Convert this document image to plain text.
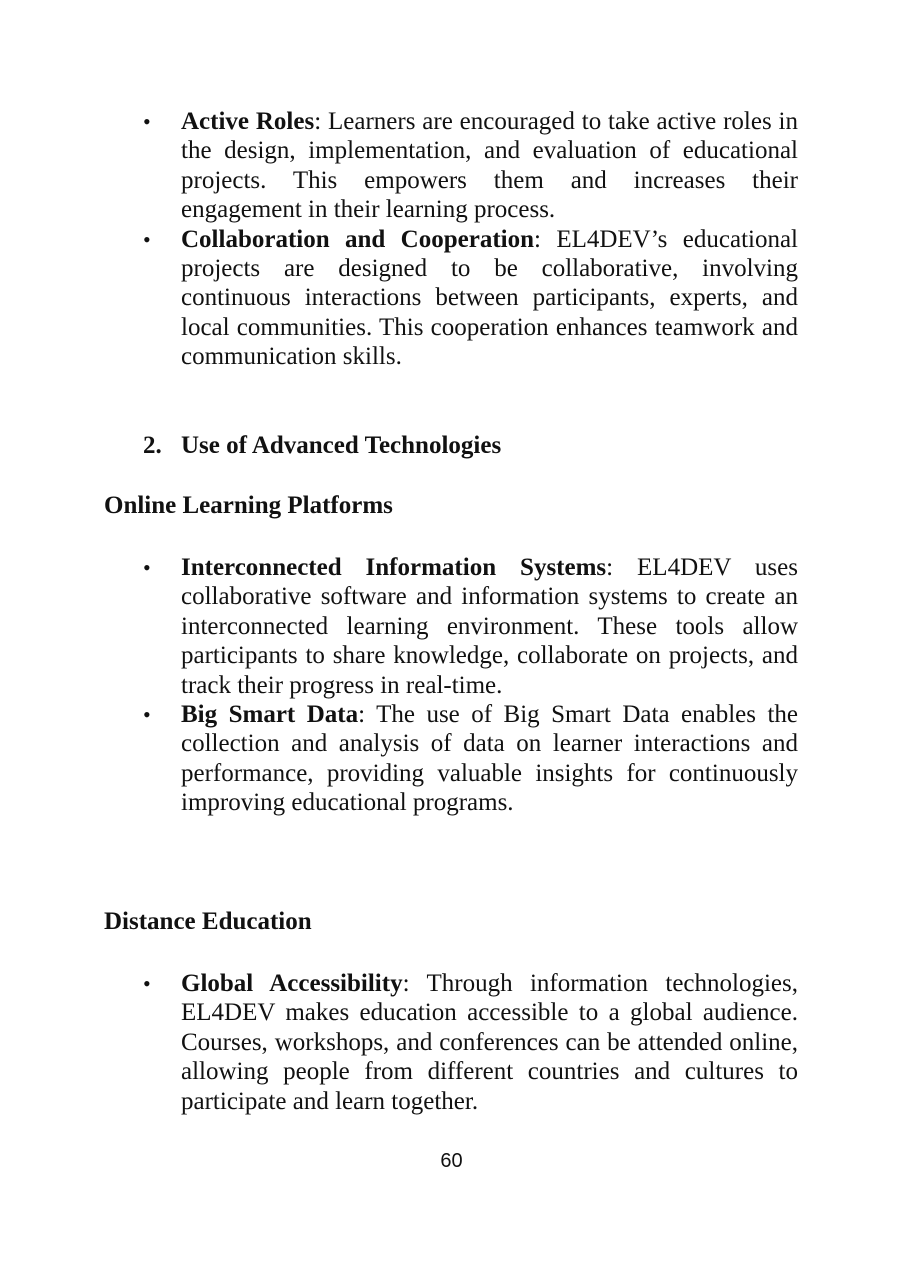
• Active Roles: Learners are encouraged to take active roles in the design, implementation, and evaluation of educational projects. This empowers them and increases their engagement in their learning process.
• Collaboration and Cooperation: EL4DEV’s educational projects are designed to be collaborative, involving continuous interactions between participants, experts, and local communities. This cooperation enhances teamwork and communication skills.
2. Use of Advanced Technologies
Online Learning Platforms
• Interconnected Information Systems: EL4DEV uses collaborative software and information systems to create an interconnected learning environment. These tools allow participants to share knowledge, collaborate on projects, and track their progress in real-time.
• Big Smart Data: The use of Big Smart Data enables the collection and analysis of data on learner interactions and performance, providing valuable insights for continuously improving educational programs.
Distance Education
• Global Accessibility: Through information technologies, EL4DEV makes education accessible to a global audience. Courses, workshops, and conferences can be attended online, allowing people from different countries and cultures to participate and learn together.
60
